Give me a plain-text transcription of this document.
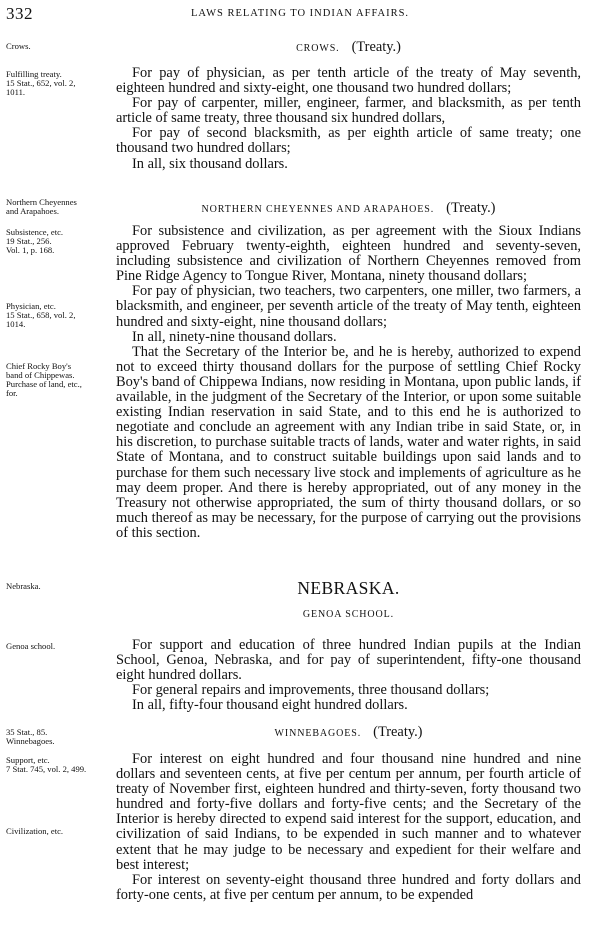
332	LAWS RELATING TO INDIAN AFFAIRS.
Crows.	CROWS. (Treaty.)
Fulfilling treaty.
15 Stat., 652, vol. 2,
1011.

For pay of physician, as per tenth article of the treaty of May seventh, eighteen hundred and sixty-eight, one thousand two hundred dollars;

For pay of carpenter, miller, engineer, farmer, and blacksmith, as per tenth article of same treaty, three thousand six hundred dollars,

For pay of second blacksmith, as per eighth article of same treaty; one thousand two hundred dollars;

In all, six thousand dollars.

Northern Cheyennes
and Arapahoes.	NORTHERN CHEYENNES AND ARAPAHOES. (Treaty.)
Subsistence, etc.
19 Stat., 256.
Vol. 1, p. 168.
Physician, etc.
15 Stat., 658, vol. 2,
1014.
Chief Rocky Boy's
band of Chippewas.
Purchase of land, etc.,
for.

For subsistence and civilization, as per agreement with the Sioux Indians approved February twenty-eighth, eighteen hundred and seventy-seven, including subsistence and civilization of Northern Cheyennes removed from Pine Ridge Agency to Tongue River, Montana, ninety thousand dollars;

For pay of physician, two teachers, two carpenters, one miller, two farmers, a blacksmith, and engineer, per seventh article of the treaty of May tenth, eighteen hundred and sixty-eight, nine thousand dollars;

In all, ninety-nine thousand dollars.

That the Secretary of the Interior be, and he is hereby, authorized to expend not to exceed thirty thousand dollars for the purpose of settling Chief Rocky Boy's band of Chippewa Indians, now residing in Montana, upon public lands, if available, in the judgment of the Secretary of the Interior, or upon some suitable existing Indian reservation in said State, and to this end he is authorized to negotiate and conclude an agreement with any Indian tribe in said State, or, in his discretion, to purchase suitable tracts of lands, water and water rights, in said State of Montana, and to construct suitable buildings upon said lands and to purchase for them such necessary live stock and implements of agriculture as he may deem proper. And there is hereby appropriated, out of any money in the Treasury not otherwise appropriated, the sum of thirty thousand dollars, or so much thereof as may be necessary, for the purpose of carrying out the provisions of this section.

Nebraska.	NEBRASKA.
GENOA SCHOOL.
Genoa school.	For support and education of three hundred Indian pupils at the Indian School, Genoa, Nebraska, and for pay of superintendent, fifty-one thousand eight hundred dollars.

For general repairs and improvements, three thousand dollars;

In all, fifty-four thousand eight hundred dollars.

35 Stat., 85.
Winnebagoes.
WINNEBAGOES. (Treaty.)
Support, etc.
7 Stat. 745, vol. 2, 499.
Civilization, etc.

For interest on eight hundred and four thousand nine hundred and nine dollars and seventeen cents, at five per centum per annum, per fourth article of treaty of November first, eighteen hundred and thirty-seven, forty thousand two hundred and forty-five dollars and forty-five cents; and the Secretary of the Interior is hereby directed to expend said interest for the support, education, and civilization of said Indians, to be expended in such manner and to whatever extent that he may judge to be necessary and expedient for their welfare and best interest;

For interest on seventy-eight thousand three hundred and forty dollars and forty-one cents, at five per centum per annum, to be expended
